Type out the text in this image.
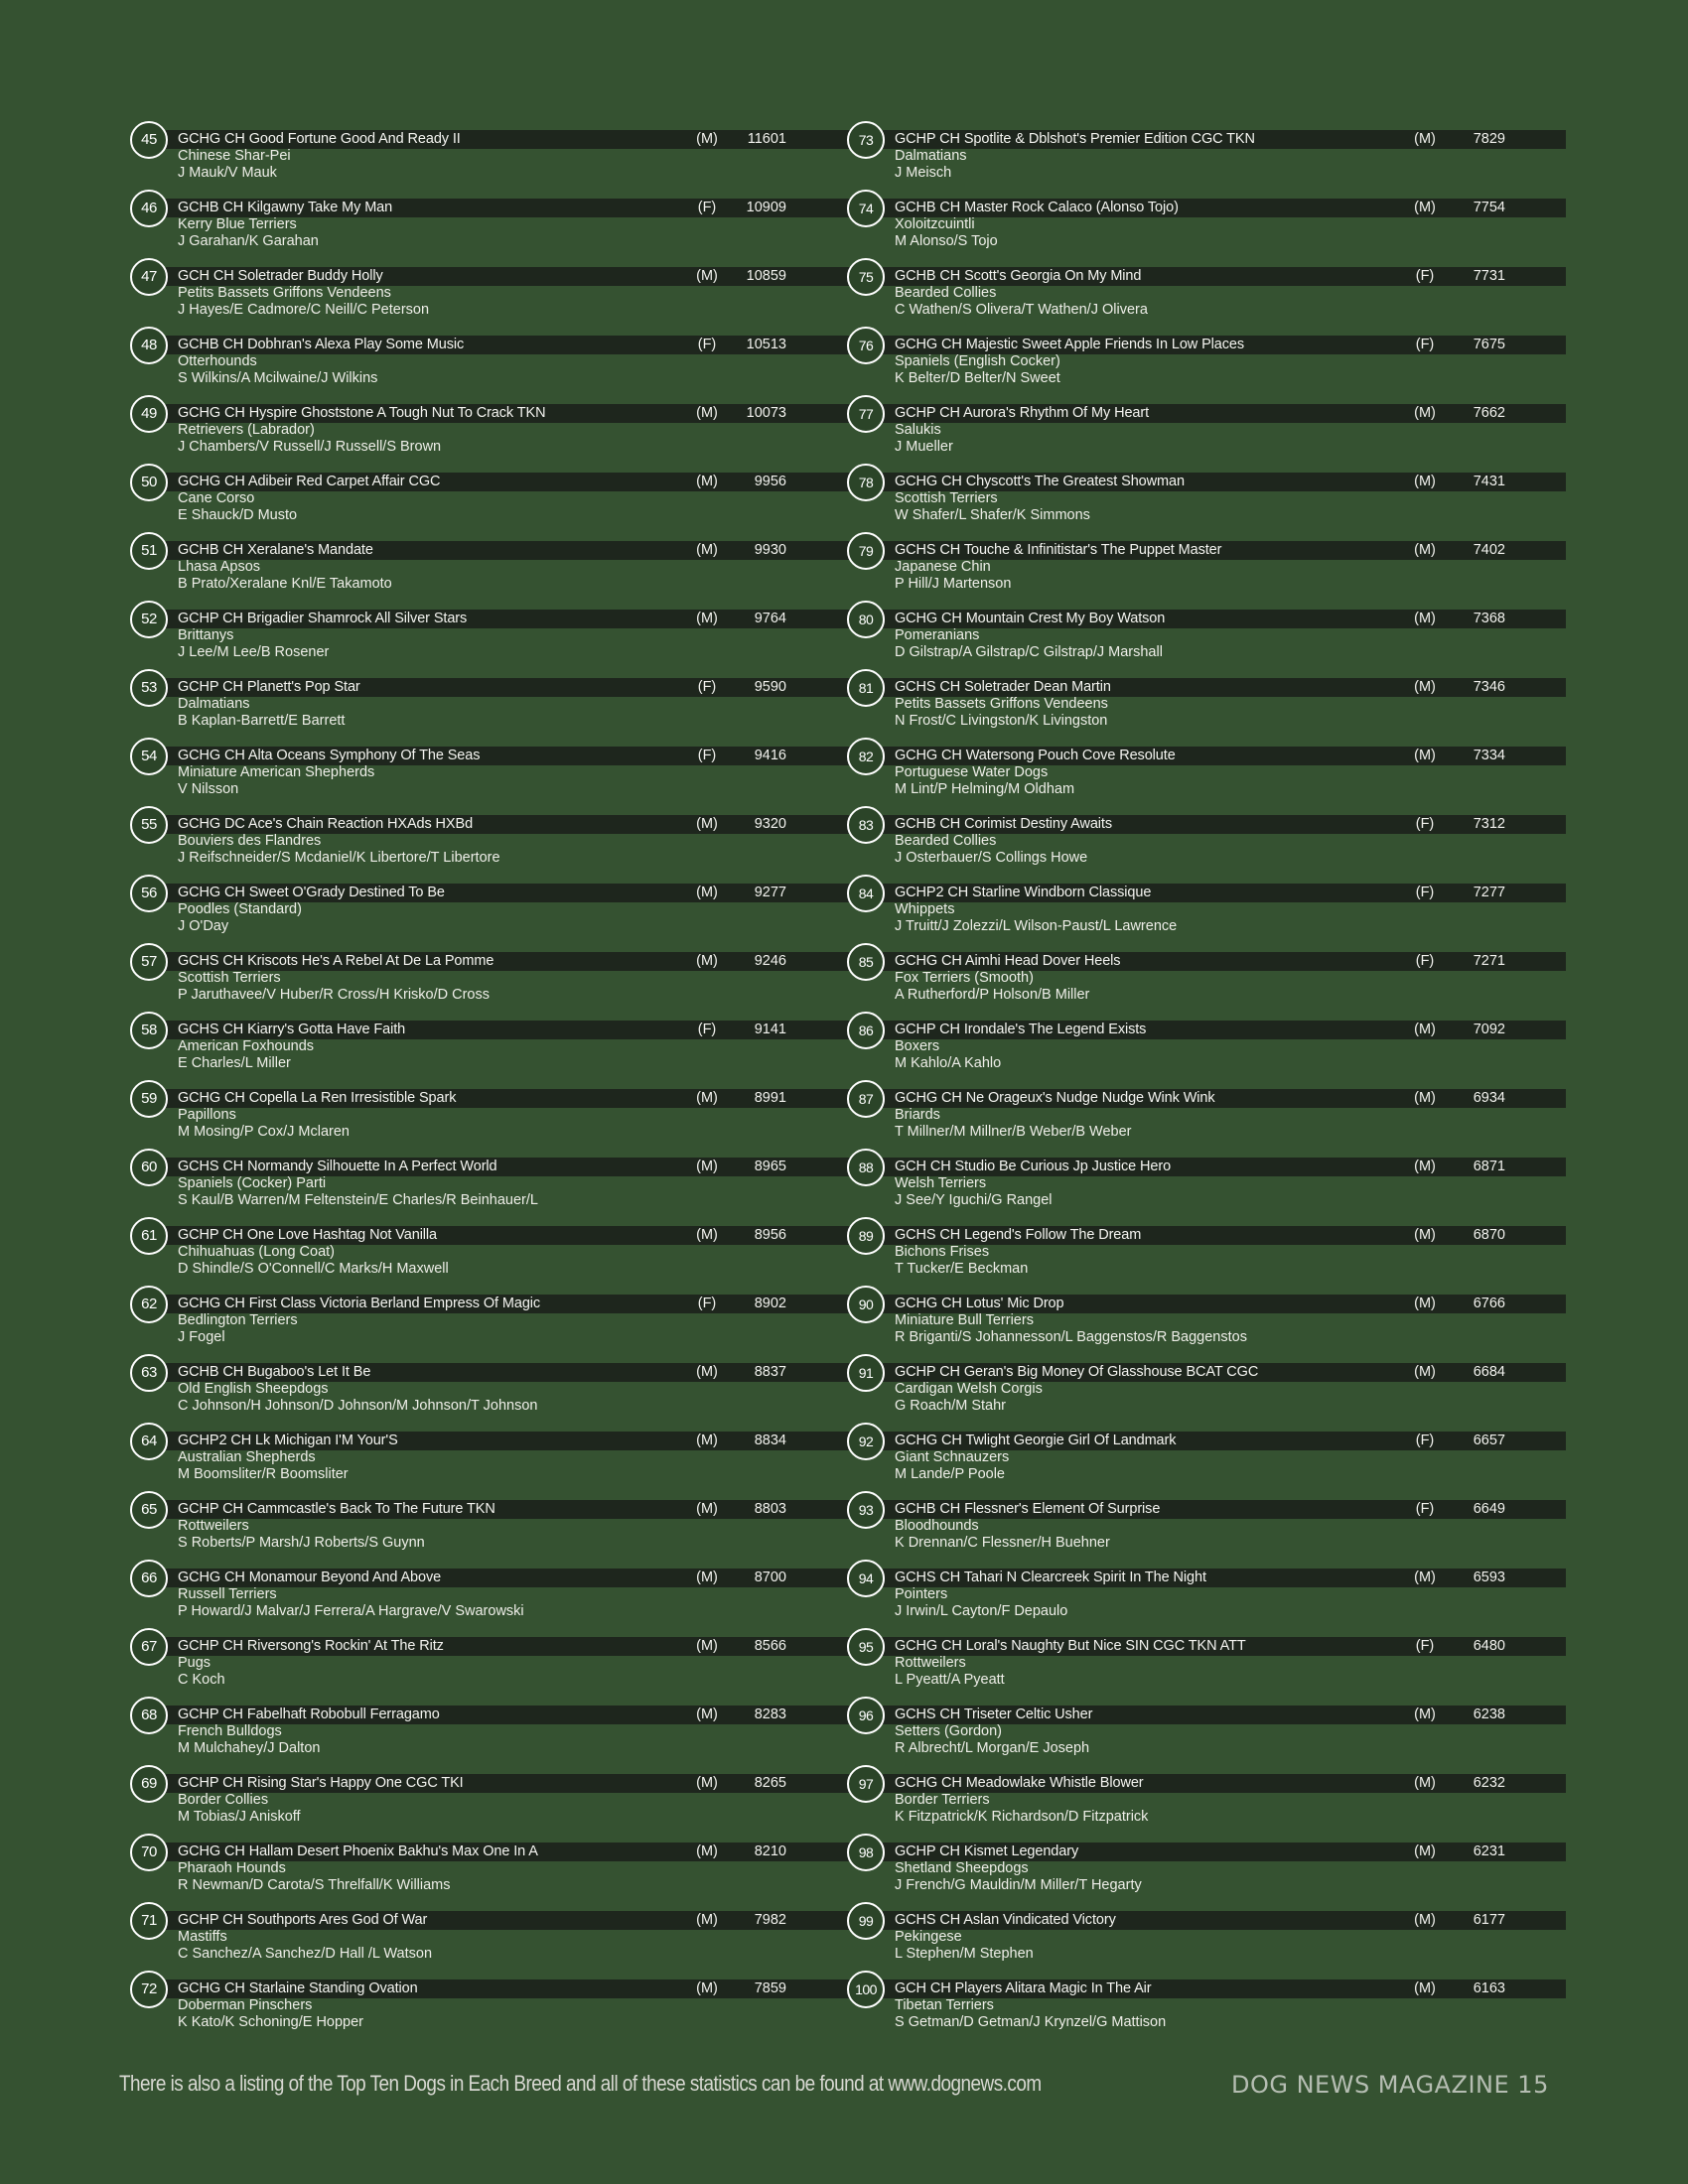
45	GCHG CH Good Fortune Good And Ready II	(M)	11601
Chinese Shar-Pei
J Mauk/V Mauk
46	GCHB CH Kilgawny Take My Man	(F)	10909
Kerry Blue Terriers
J Garahan/K Garahan
47	GCH CH Soletrader Buddy Holly	(M)	10859
Petits Bassets Griffons Vendeens
J Hayes/E Cadmore/C Neill/C Peterson
48	GCHB CH Dobhran's Alexa Play Some Music	(F)	10513
Otterhounds
S Wilkins/A Mcilwaine/J Wilkins
49	GCHG CH Hyspire Ghoststone A Tough Nut To Crack TKN	(M)	10073
Retrievers (Labrador)
J Chambers/V Russell/J Russell/S Brown
50	GCHG CH Adibeir Red Carpet Affair CGC	(M)	9956
Cane Corso
E Shauck/D Musto
51	GCHB CH Xeralane's Mandate	(M)	9930
Lhasa Apsos
B Prato/Xeralane Knl/E Takamoto
52	GCHP CH Brigadier Shamrock All Silver Stars	(M)	9764
Brittanys
J Lee/M Lee/B Rosener
53	GCHP CH Planett's Pop Star	(F)	9590
Dalmatians
B Kaplan-Barrett/E Barrett
54	GCHG CH Alta Oceans Symphony Of The Seas	(F)	9416
Miniature American Shepherds
V Nilsson
55	GCHG DC Ace's Chain Reaction HXAds HXBd	(M)	9320
Bouviers des Flandres
J Reifschneider/S Mcdaniel/K Libertore/T Libertore
56	GCHG CH Sweet O'Grady Destined To Be	(M)	9277
Poodles (Standard)
J O'Day
57	GCHS CH Kriscots He's A Rebel At De La Pomme	(M)	9246
Scottish Terriers
P Jaruthavee/V Huber/R Cross/H Krisko/D Cross
58	GCHS CH Kiarry's Gotta Have Faith	(F)	9141
American Foxhounds
E Charles/L Miller
59	GCHG CH Copella La Ren Irresistible Spark	(M)	8991
Papillons
M Mosing/P Cox/J Mclaren
60	GCHS CH Normandy Silhouette In A Perfect World	(M)	8965
Spaniels (Cocker) Parti
S Kaul/B Warren/M Feltenstein/E Charles/R Beinhauer/L
61	GCHP CH One Love Hashtag Not Vanilla	(M)	8956
Chihuahuas (Long Coat)
D Shindle/S O'Connell/C Marks/H Maxwell
62	GCHG CH First Class Victoria Berland Empress Of Magic	(F)	8902
Bedlington Terriers
J Fogel
63	GCHB CH Bugaboo's Let It Be	(M)	8837
Old English Sheepdogs
C Johnson/H Johnson/D Johnson/M Johnson/T Johnson
64	GCHP2 CH Lk Michigan I'M Your'S	(M)	8834
Australian Shepherds
M Boomsliter/R Boomsliter
65	GCHP CH Cammcastle's Back To The Future TKN	(M)	8803
Rottweilers
S Roberts/P Marsh/J Roberts/S Guynn
66	GCHG CH Monamour Beyond And Above	(M)	8700
Russell Terriers
P Howard/J Malvar/J Ferrera/A Hargrave/V Swarowski
67	GCHP CH Riversong's Rockin' At The Ritz	(M)	8566
Pugs
C Koch
68	GCHP CH Fabelhaft Robobull Ferragamo	(M)	8283
French Bulldogs
M Mulchahey/J Dalton
69	GCHP CH Rising Star's Happy One CGC TKI	(M)	8265
Border Collies
M Tobias/J Aniskoff
70	GCHG CH Hallam Desert Phoenix Bakhu's Max One In A	(M)	8210
Pharaoh Hounds
R Newman/D Carota/S Threlfall/K Williams
71	GCHP CH Southports Ares God Of War	(M)	7982
Mastiffs
C Sanchez/A Sanchez/D Hall /L Watson
72	GCHG CH Starlaine Standing Ovation	(M)	7859
Doberman Pinschers
K Kato/K Schoning/E Hopper
73	GCHP CH Spotlite & Dblshot's Premier Edition CGC TKN	(M)	7829
Dalmatians
J Meisch
74	GCHB CH Master Rock Calaco (Alonso Tojo)	(M)	7754
Xoloitzcuintli
M Alonso/S Tojo
75	GCHB CH Scott's Georgia On My Mind	(F)	7731
Bearded Collies
C Wathen/S Olivera/T Wathen/J Olivera
76	GCHG CH Majestic Sweet Apple Friends In Low Places	(F)	7675
Spaniels (English Cocker)
K Belter/D Belter/N Sweet
77	GCHP CH Aurora's Rhythm Of My Heart	(M)	7662
Salukis
J Mueller
78	GCHG CH Chyscott's The Greatest Showman	(M)	7431
Scottish Terriers
W Shafer/L Shafer/K Simmons
79	GCHS CH Touche & Infinitistar's The Puppet Master	(M)	7402
Japanese Chin
P Hill/J Martenson
80	GCHG CH Mountain Crest My Boy Watson	(M)	7368
Pomeranians
D Gilstrap/A Gilstrap/C Gilstrap/J Marshall
81	GCHS CH Soletrader Dean Martin	(M)	7346
Petits Bassets Griffons Vendeens
N Frost/C Livingston/K Livingston
82	GCHG CH Watersong Pouch Cove Resolute	(M)	7334
Portuguese Water Dogs
M Lint/P Helming/M Oldham
83	GCHB CH Corimist Destiny Awaits	(F)	7312
Bearded Collies
J Osterbauer/S Collings Howe
84	GCHP2 CH Starline Windborn Classique	(F)	7277
Whippets
J Truitt/J Zolezzi/L Wilson-Paust/L Lawrence
85	GCHG CH Aimhi Head Dover Heels	(F)	7271
Fox Terriers (Smooth)
A Rutherford/P Holson/B Miller
86	GCHP CH Irondale's The Legend Exists	(M)	7092
Boxers
M Kahlo/A Kahlo
87	GCHG CH Ne Orageux's Nudge Nudge Wink Wink	(M)	6934
Briards
T Millner/M Millner/B Weber/B Weber
88	GCH CH Studio Be Curious Jp Justice Hero	(M)	6871
Welsh Terriers
J See/Y Iguchi/G Rangel
89	GCHS CH Legend's Follow The Dream	(M)	6870
Bichons Frises
T Tucker/E Beckman
90	GCHG CH Lotus' Mic Drop	(M)	6766
Miniature Bull Terriers
R Briganti/S Johannesson/L Baggenstos/R Baggenstos
91	GCHP CH Geran's Big Money Of Glasshouse BCAT CGC	(M)	6684
Cardigan Welsh Corgis
G Roach/M Stahr
92	GCHG CH Twlight Georgie Girl Of Landmark	(F)	6657
Giant Schnauzers
M Lande/P Poole
93	GCHB CH Flessner's Element Of Surprise	(F)	6649
Bloodhounds
K Drennan/C Flessner/H Buehner
94	GCHS CH Tahari N Clearcreek Spirit In The Night	(M)	6593
Pointers
J Irwin/L Cayton/F Depaulo
95	GCHG CH Loral's Naughty But Nice SIN CGC TKN ATT	(F)	6480
Rottweilers
L Pyeatt/A Pyeatt
96	GCHS CH Triseter Celtic Usher	(M)	6238
Setters (Gordon)
R Albrecht/L Morgan/E Joseph
97	GCHG CH Meadowlake Whistle Blower	(M)	6232
Border Terriers
K Fitzpatrick/K Richardson/D Fitzpatrick
98	GCHP CH Kismet Legendary	(M)	6231
Shetland Sheepdogs
J French/G Mauldin/M Miller/T Hegarty
99	GCHS CH Aslan Vindicated Victory	(M)	6177
Pekingese
L Stephen/M Stephen
100	GCH CH Players Alitara Magic In The Air	(M)	6163
Tibetan Terriers
S Getman/D Getman/J Krynzel/G Mattison
There is also a listing of the Top Ten Dogs in Each Breed and all of these statistics can be found at www.dognews.com	DOG NEWS MAGAZINE 15
